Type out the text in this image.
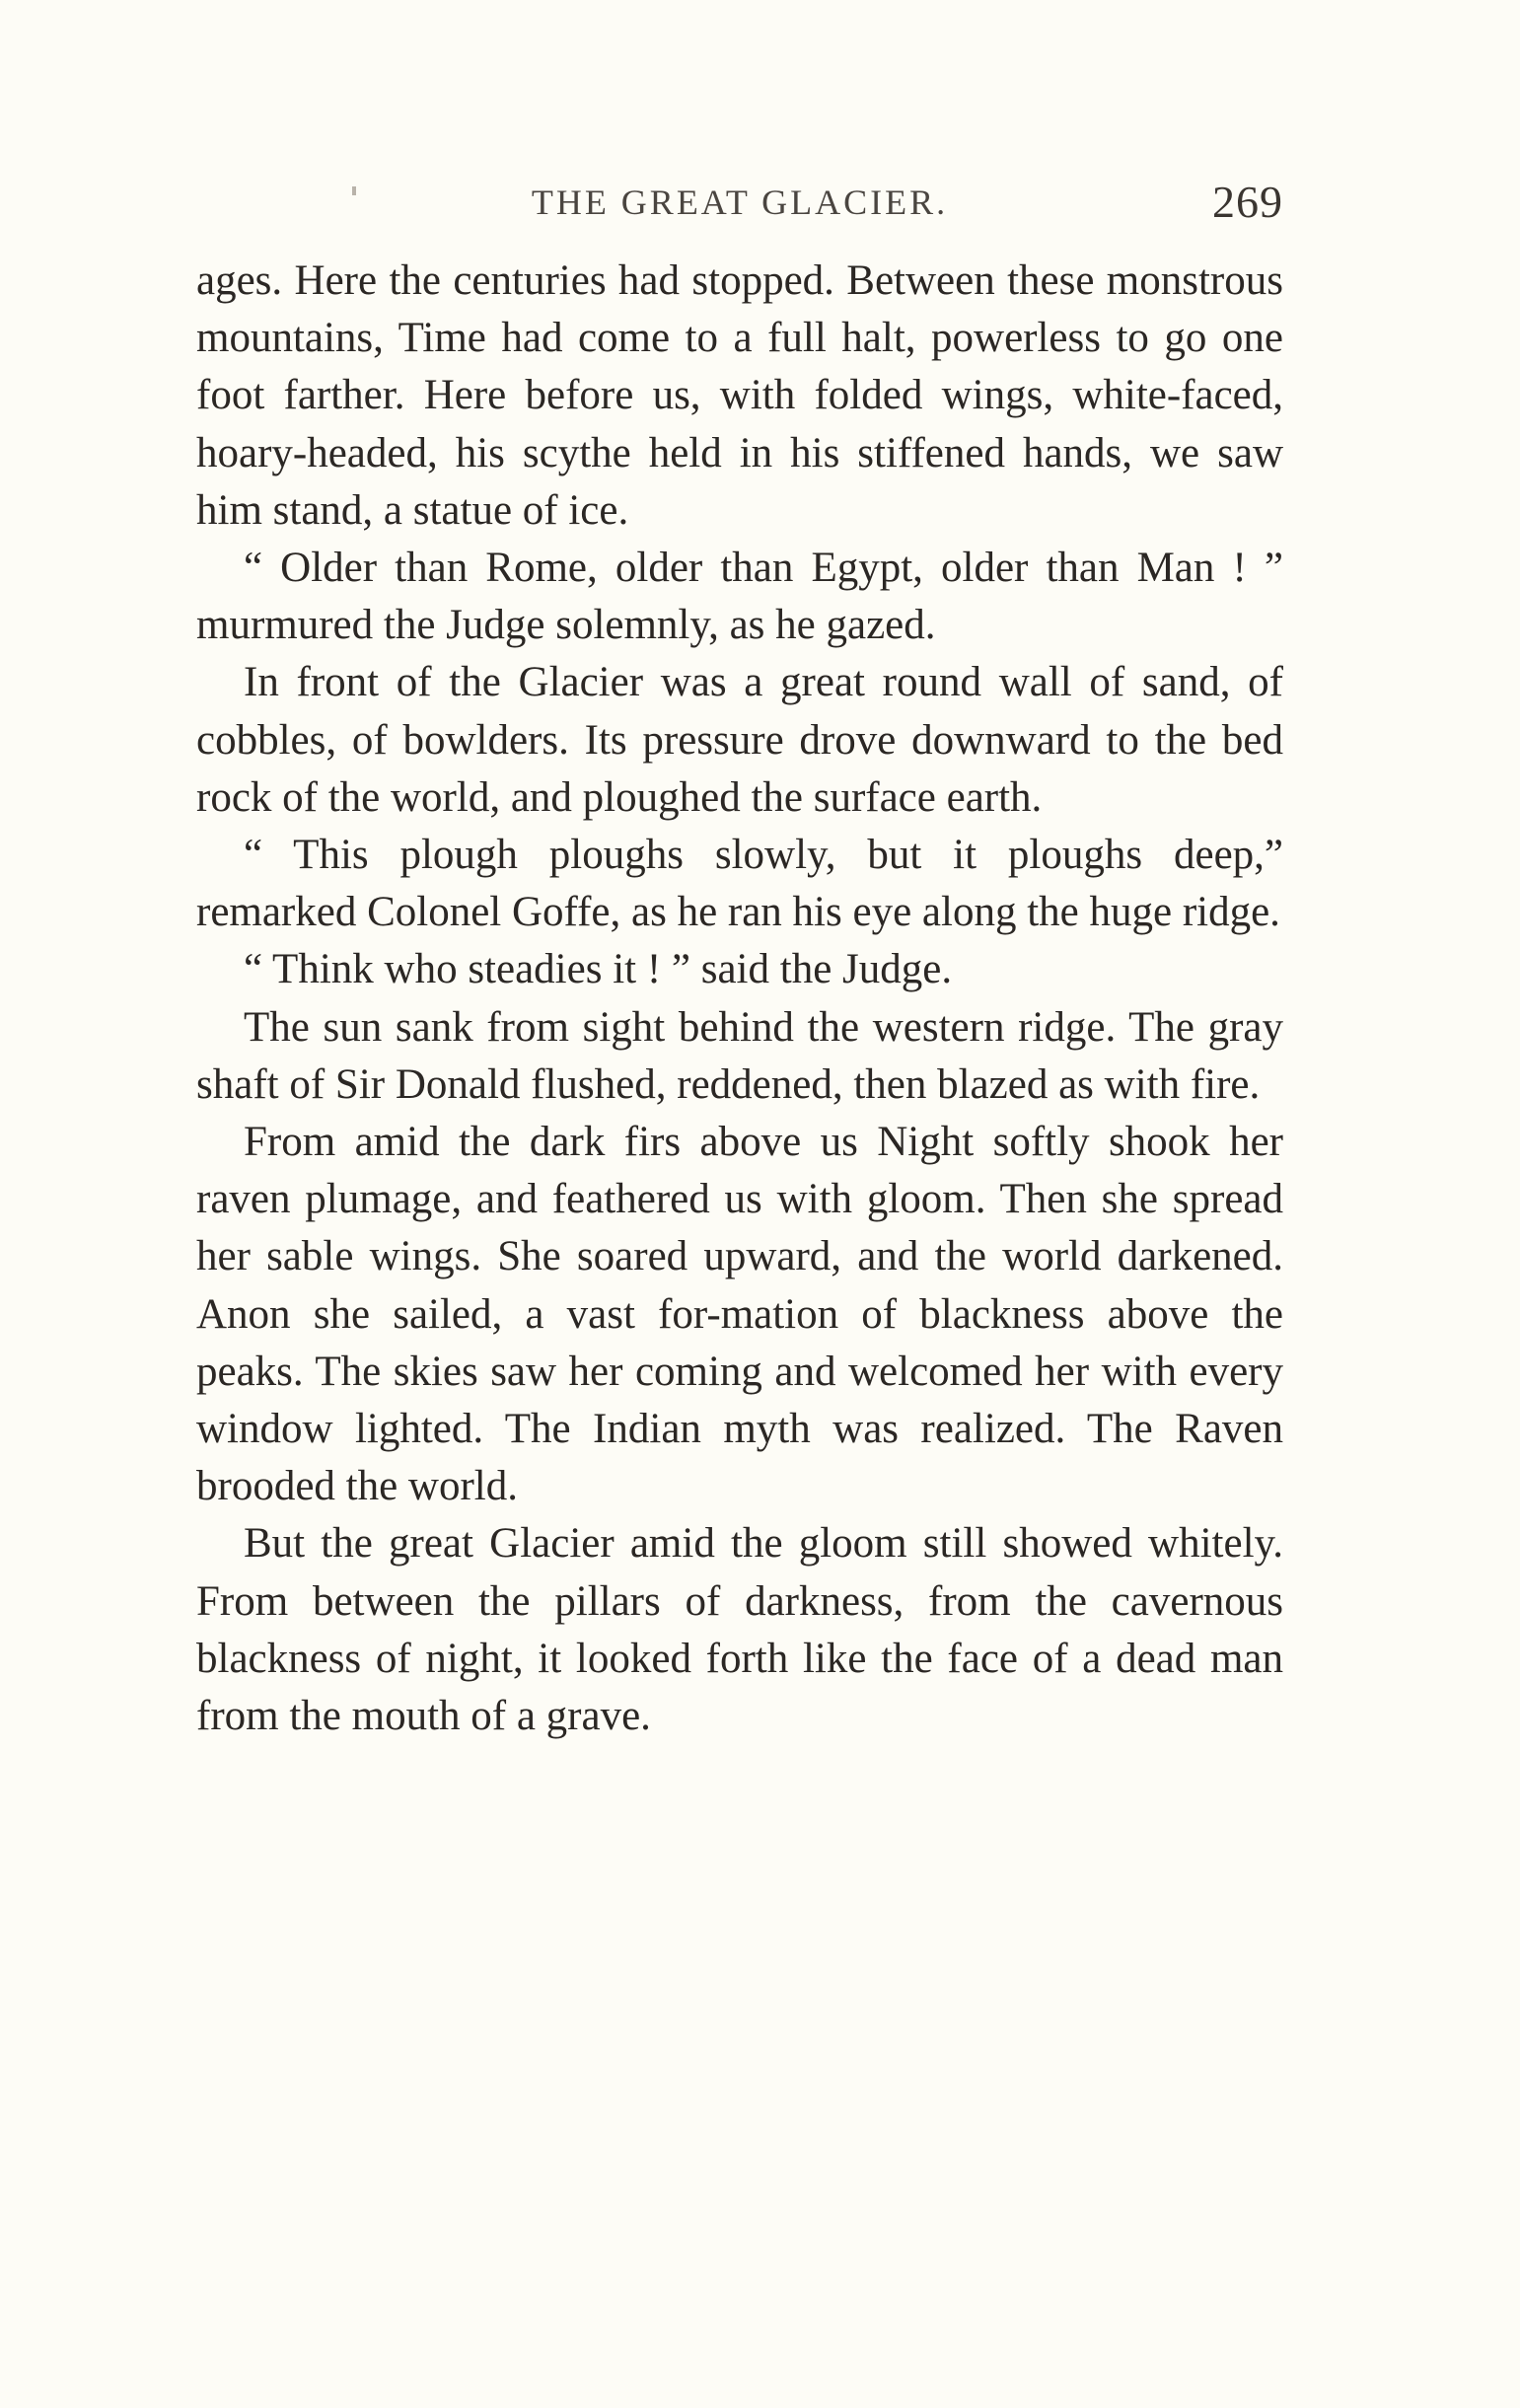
THE GREAT GLACIER.	269

ages. Here the centuries had stopped. Between these monstrous mountains, Time had come to a full halt, powerless to go one foot farther. Here before us, with folded wings, white-faced, hoary-headed, his scythe held in his stiffened hands, we saw him stand, a statue of ice.

“ Older than Rome, older than Egypt, older than Man ! ” murmured the Judge solemnly, as he gazed.

In front of the Glacier was a great round wall of sand, of cobbles, of bowlders. Its pressure drove downward to the bed rock of the world, and ploughed the surface earth.

“ This plough ploughs slowly, but it ploughs deep,” remarked Colonel Goffe, as he ran his eye along the huge ridge.

“ Think who steadies it ! ” said the Judge.

The sun sank from sight behind the western ridge. The gray shaft of Sir Donald flushed, reddened, then blazed as with fire.

From amid the dark firs above us Night softly shook her raven plumage, and feathered us with gloom. Then she spread her sable wings. She soared upward, and the world darkened. Anon she sailed, a vast for-mation of blackness above the peaks. The skies saw her coming and welcomed her with every window lighted. The Indian myth was realized. The Raven brooded the world.

But the great Glacier amid the gloom still showed whitely. From between the pillars of darkness, from the cavernous blackness of night, it looked forth like the face of a dead man from the mouth of a grave.
